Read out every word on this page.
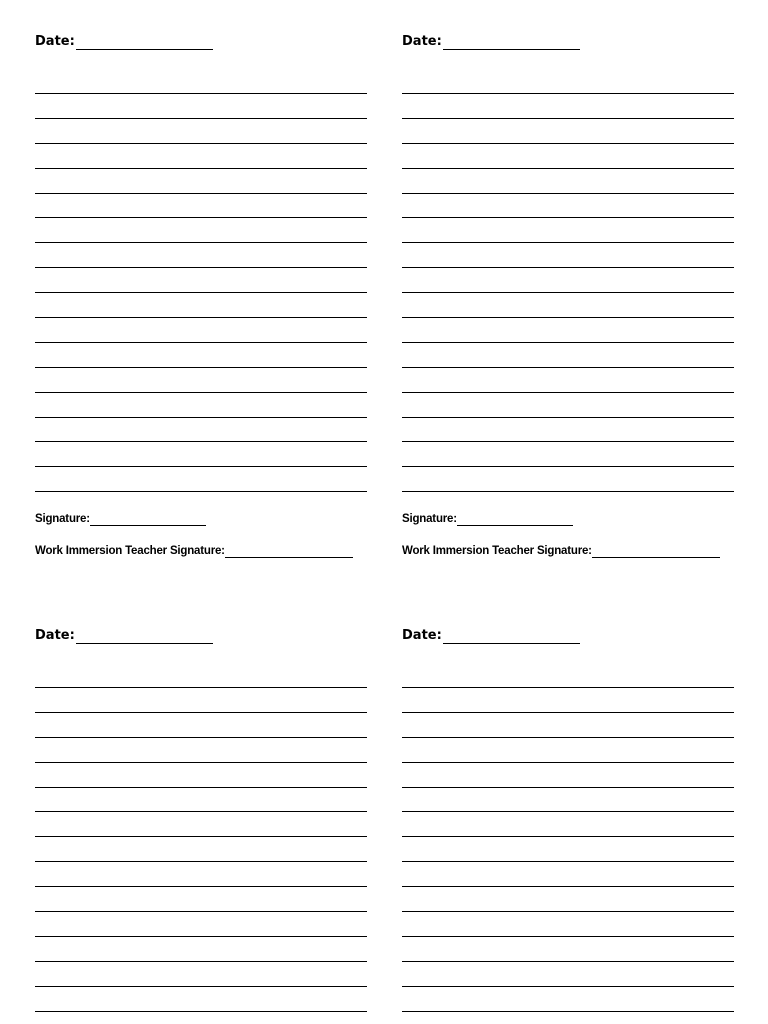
Date:
Signature:
Work Immersion Teacher Signature:
Date:
Signature:
Work Immersion Teacher Signature:
Date:	Date:
